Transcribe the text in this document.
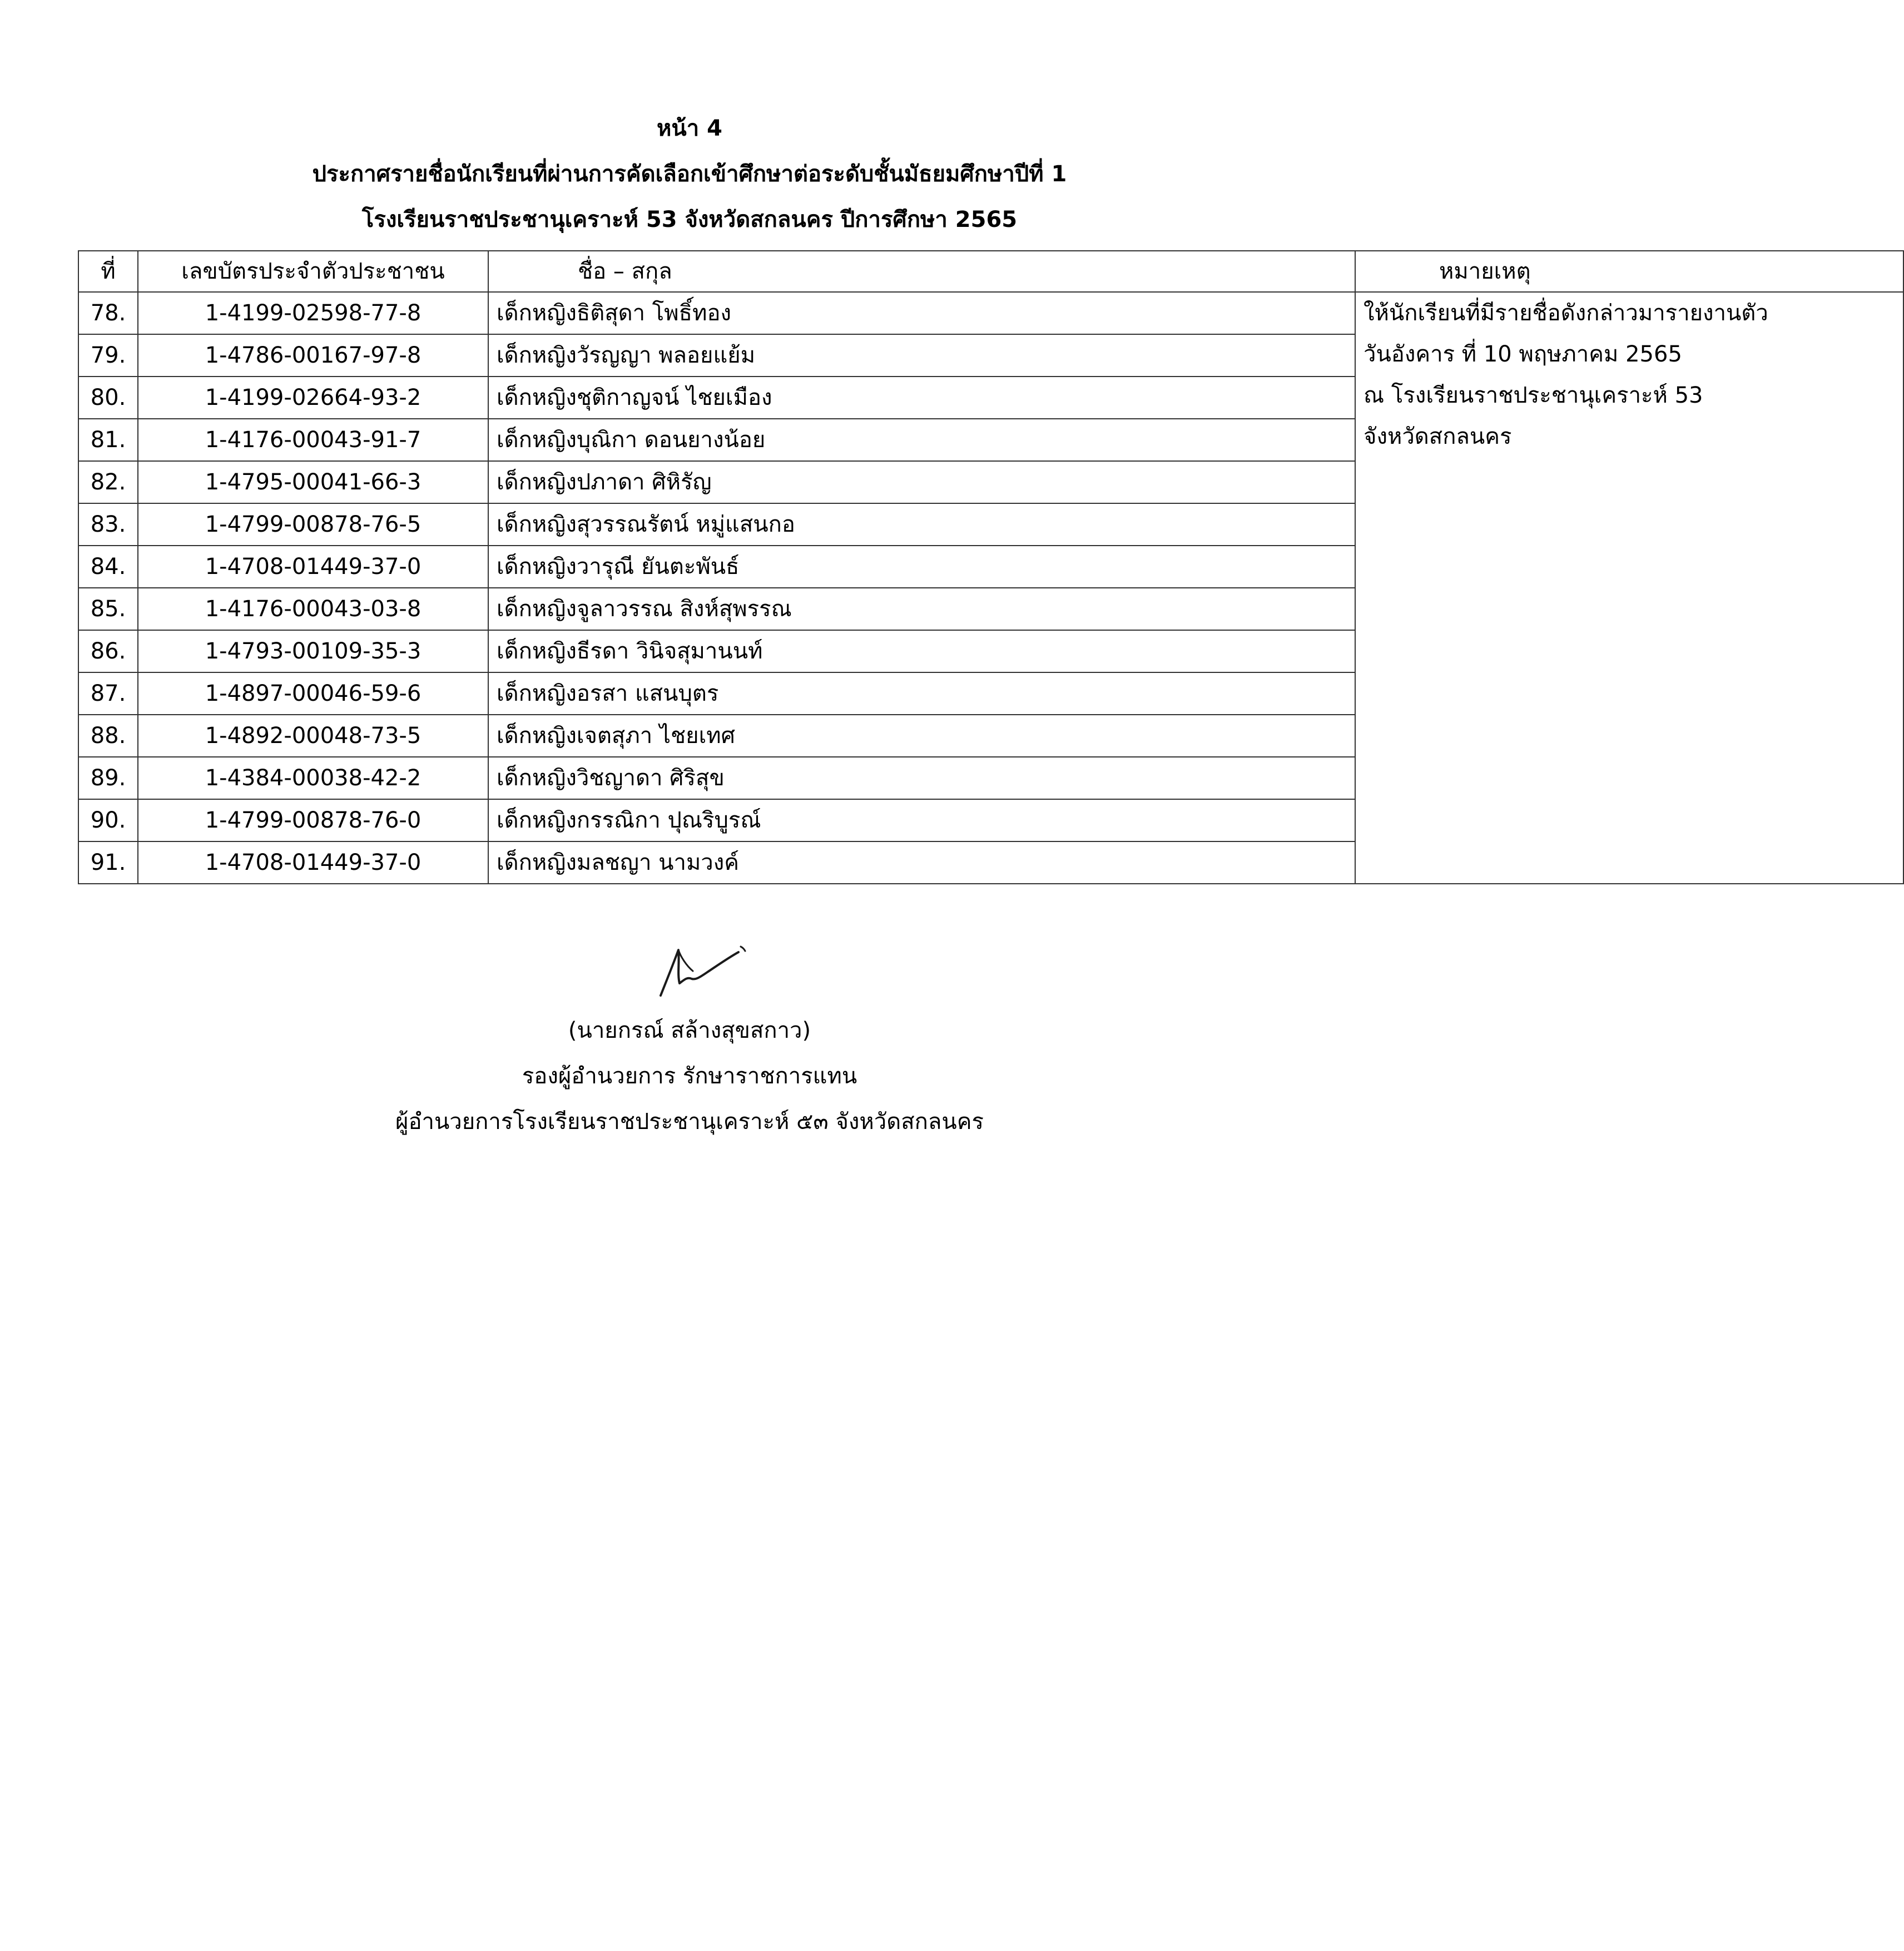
หน้า 4
ประกาศรายชื่อนักเรียนที่ผ่านการคัดเลือกเข้าศึกษาต่อระดับชั้นมัธยมศึกษาปีที่ 1
โรงเรียนราชประชานุเคราะห์ 53 จังหวัดสกลนคร ปีการศึกษา 2565
ที่	เลขบัตรประจำตัวประชาชน	ชื่อ – สกุล	หมายเหตุ
78.	1-4199-02598-77-8	เด็กหญิงธิติสุดา โพธิ์ทอง	ให้นักเรียนที่มีรายชื่อดังกล่าวมารายงานตัว
วันอังคาร ที่ 10 พฤษภาคม 2565
ณ โรงเรียนราชประชานุเคราะห์ 53
จังหวัดสกลนคร

79.	1-4786-00167-97-8	เด็กหญิงวัรญญา พลอยแย้ม	
80.	1-4199-02664-93-2	เด็กหญิงชุติกาญจน์ ไชยเมือง	
81.	1-4176-00043-91-7	เด็กหญิงบุณิกา ดอนยางน้อย	
82.	1-4795-00041-66-3	เด็กหญิงปภาดา ศิหิรัญ	
83.	1-4799-00878-76-5	เด็กหญิงสุวรรณรัตน์ หมู่แสนกอ	
84.	1-4708-01449-37-0	เด็กหญิงวารุณี ยันตะพันธ์	
85.	1-4176-00043-03-8	เด็กหญิงจูลาวรรณ สิงห์สุพรรณ	
86.	1-4793-00109-35-3	เด็กหญิงธีรดา วินิจสุมานนท์	
87.	1-4897-00046-59-6	เด็กหญิงอรสา แสนบุตร	
88.	1-4892-00048-73-5	เด็กหญิงเจตสุภา ไชยเทศ	
89.	1-4384-00038-42-2	เด็กหญิงวิชญาดา ศิริสุข	
90.	1-4799-00878-76-0	เด็กหญิงกรรณิกา ปุณริบูรณ์	
91.	1-4708-01449-37-0	เด็กหญิงมลชญา นามวงค์	
(นายกรณ์ สล้างสุขสกาว)
รองผู้อำนวยการ รักษาราชการแทน
ผู้อำนวยการโรงเรียนราชประชานุเคราะห์ ๕๓ จังหวัดสกลนคร
